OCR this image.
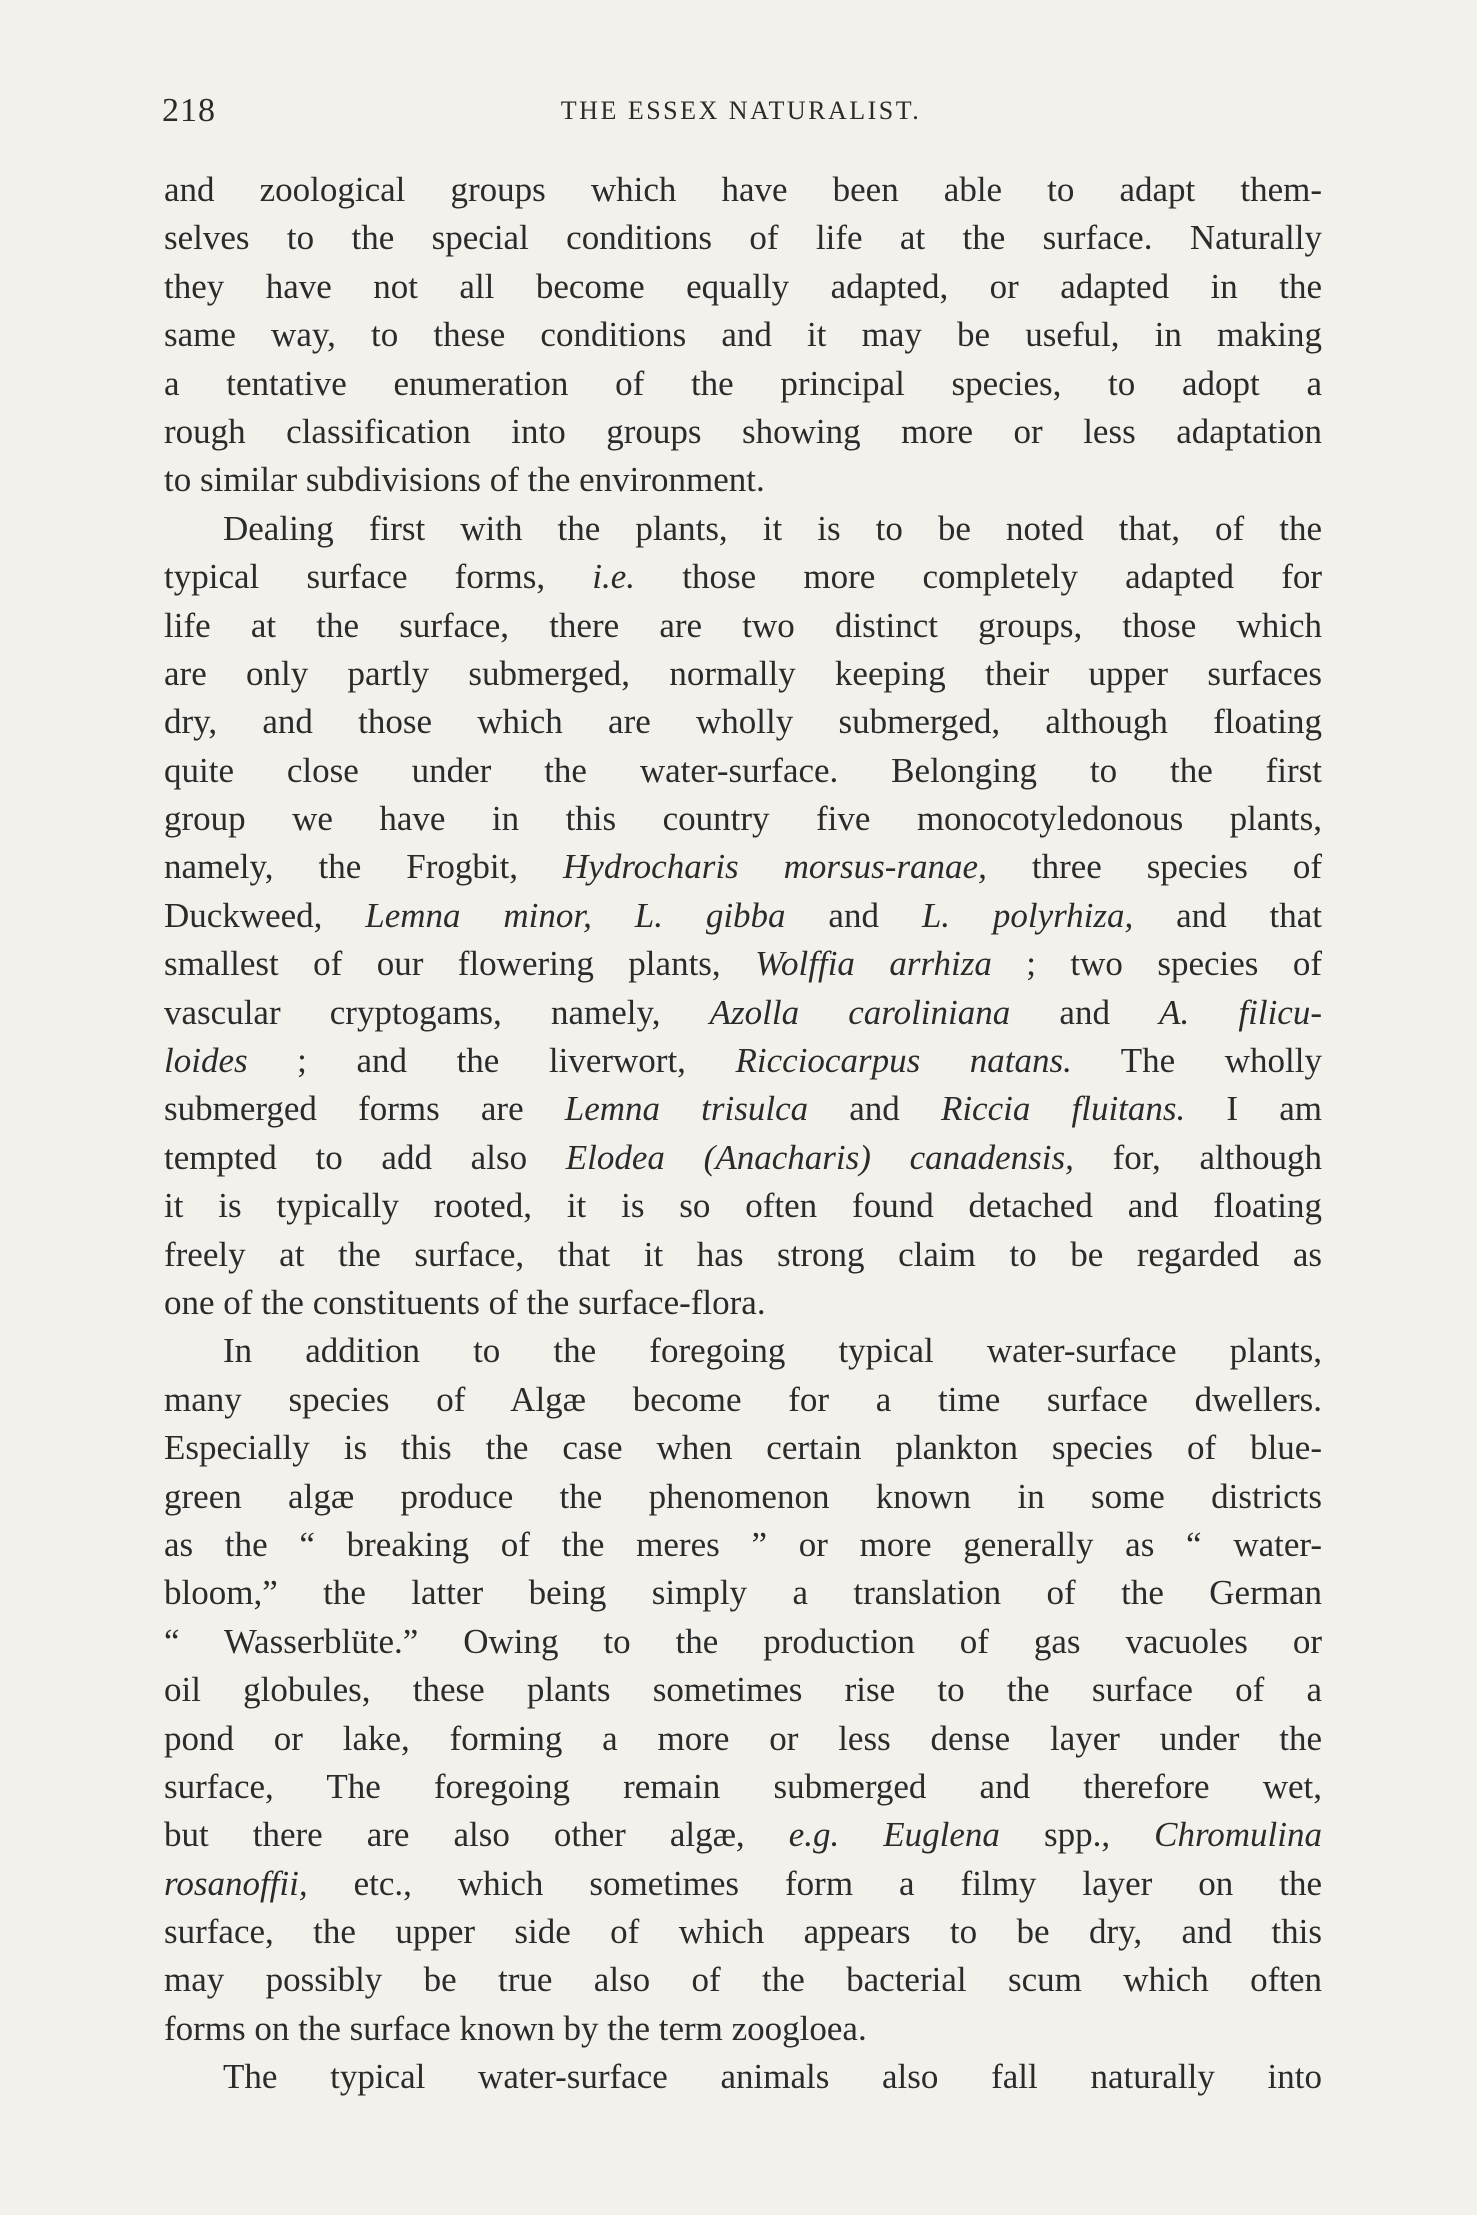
218	THE ESSEX NATURALIST.
and zoological groups which have been able to adapt them-
selves to the special conditions of life at the surface. Naturally
they have not all become equally adapted, or adapted in the
same way, to these conditions and it may be useful, in making
a tentative enumeration of the principal species, to adopt a
rough classification into groups showing more or less adaptation
to similar subdivisions of the environment.
Dealing first with the plants, it is to be noted that, of the
typical surface forms, i.e. those more completely adapted for
life at the surface, there are two distinct groups, those which
are only partly submerged, normally keeping their upper surfaces
dry, and those which are wholly submerged, although floating
quite close under the water-surface. Belonging to the first
group we have in this country five monocotyledonous plants,
namely, the Frogbit, Hydrocharis morsus-ranae, three species of
Duckweed, Lemna minor, L. gibba and L. polyrhiza, and that
smallest of our flowering plants, Wolffia arrhiza ; two species of
vascular cryptogams, namely, Azolla caroliniana and A. filicu-
loides ; and the liverwort, Ricciocarpus natans. The wholly
submerged forms are Lemna trisulca and Riccia fluitans. I am
tempted to add also Elodea (Anacharis) canadensis, for, although
it is typically rooted, it is so often found detached and floating
freely at the surface, that it has strong claim to be regarded as
one of the constituents of the surface-flora.
In addition to the foregoing typical water-surface plants,
many species of Algæ become for a time surface dwellers.
Especially is this the case when certain plankton species of blue-
green algæ produce the phenomenon known in some districts
as the “ breaking of the meres ” or more generally as “ water-
bloom,” the latter being simply a translation of the German
“ Wasserblüte.” Owing to the production of gas vacuoles or
oil globules, these plants sometimes rise to the surface of a
pond or lake, forming a more or less dense layer under the
surface, The foregoing remain submerged and therefore wet,
but there are also other algæ, e.g. Euglena spp., Chromulina
rosanoffii, etc., which sometimes form a filmy layer on the
surface, the upper side of which appears to be dry, and this
may possibly be true also of the bacterial scum which often
forms on the surface known by the term zoogloea.
The typical water-surface animals also fall naturally into
